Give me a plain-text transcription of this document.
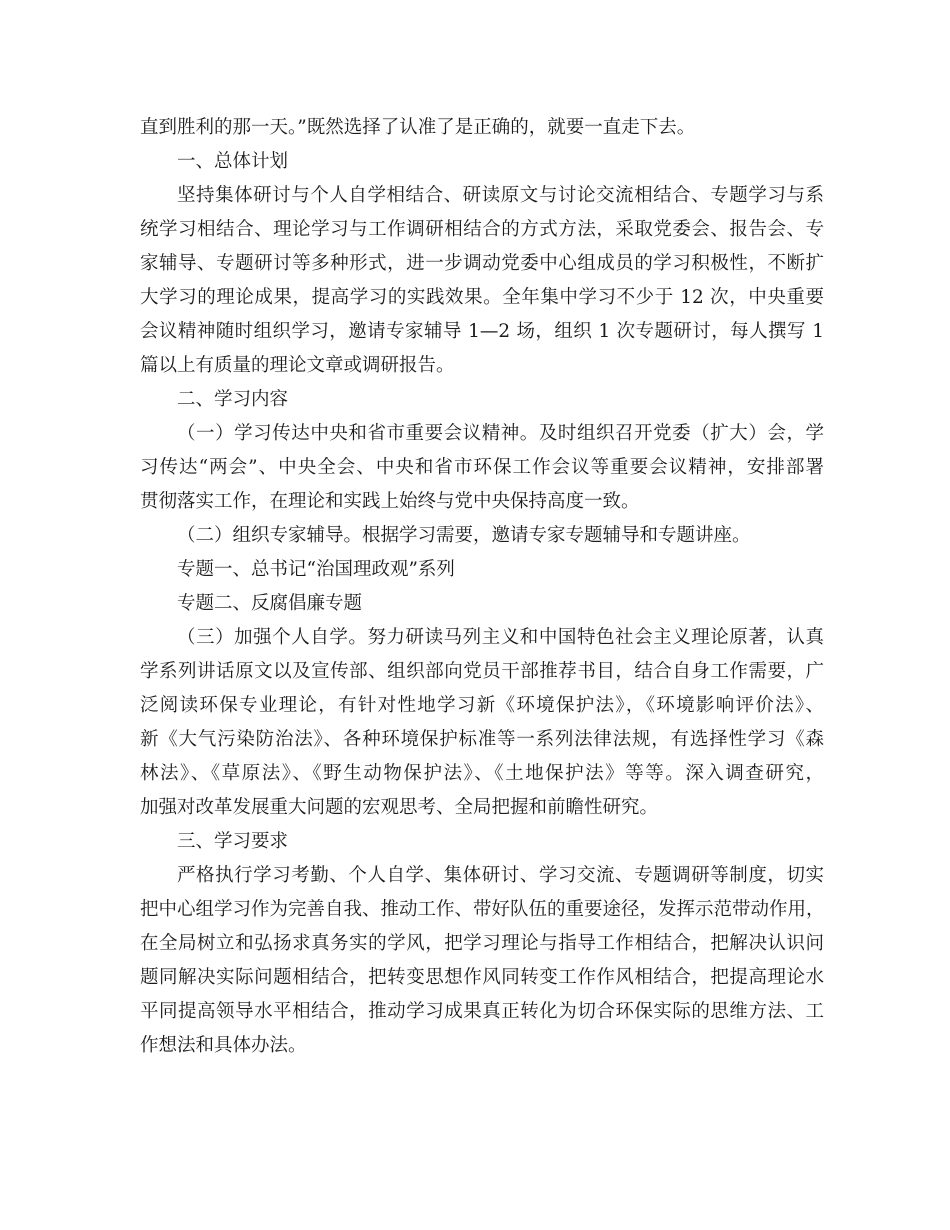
直到胜利的那一天。”既然选择了认准了是正确的，就要一直走下去。
一、总体计划
坚持集体研讨与个人自学相结合、研读原文与讨论交流相结合、专题学习与系
统学习相结合、理论学习与工作调研相结合的方式方法，采取党委会、报告会、专
家辅导、专题研讨等多种形式，进一步调动党委中心组成员的学习积极性，不断扩
大学习的理论成果，提高学习的实践效果。全年集中学习不少于 12 次，中央重要
会议精神随时组织学习，邀请专家辅导 1—2 场，组织 1 次专题研讨，每人撰写 1
篇以上有质量的理论文章或调研报告。
二、学习内容
（一）学习传达中央和省市重要会议精神。及时组织召开党委（扩大）会，学
习传达“两会”、中央全会、中央和省市环保工作会议等重要会议精神，安排部署
贯彻落实工作，在理论和实践上始终与党中央保持高度一致。
（二）组织专家辅导。根据学习需要，邀请专家专题辅导和专题讲座。
专题一、总书记“治国理政观”系列
专题二、反腐倡廉专题
（三）加强个人自学。努力研读马列主义和中国特色社会主义理论原著，认真
学系列讲话原文以及宣传部、组织部向党员干部推荐书目，结合自身工作需要，广
泛阅读环保专业理论，有针对性地学习新《环境保护法》，《环境影响评价法》、
新《大气污染防治法》、各种环境保护标准等一系列法律法规，有选择性学习《森
林法》、《草原法》、《野生动物保护法》、《土地保护法》等等。深入调查研究，
加强对改革发展重大问题的宏观思考、全局把握和前瞻性研究。
三、学习要求
严格执行学习考勤、个人自学、集体研讨、学习交流、专题调研等制度，切实
把中心组学习作为完善自我、推动工作、带好队伍的重要途径，发挥示范带动作用，
在全局树立和弘扬求真务实的学风，把学习理论与指导工作相结合，把解决认识问
题同解决实际问题相结合，把转变思想作风同转变工作作风相结合，把提高理论水
平同提高领导水平相结合，推动学习成果真正转化为切合环保实际的思维方法、工
作想法和具体办法。
